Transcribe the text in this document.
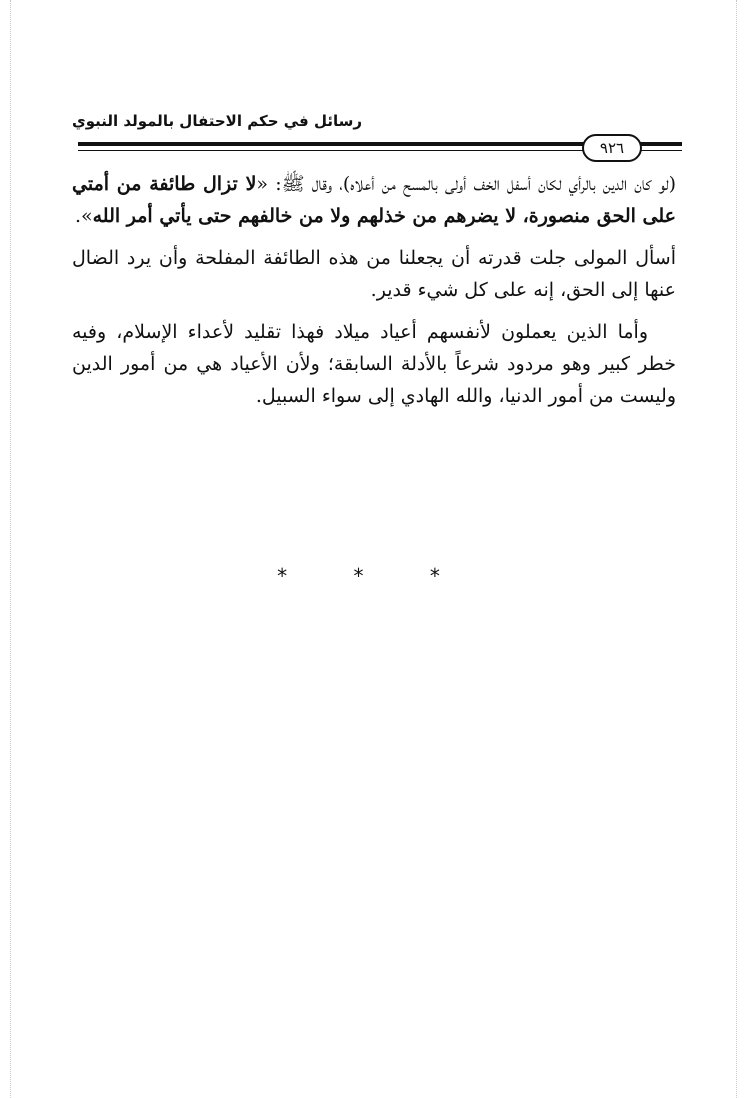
رسائل في حكم الاحتفال بالمولد النبوي
٩٢٦

(لو كان الدين بالرأي لكان أسفل الخف أولى بالمسح من أعلاه)، وقال ﷺ: «لا تزال طائفة من أمتي على الحق منصورة، لا يضرهم من خذلهم ولا من خالفهم حتى يأتي أمر الله».

أسأل المولى جلت قدرته أن يجعلنا من هذه الطائفة المفلحة وأن يرد الضال عنها إلى الحق، إنه على كل شيء قدير.

وأما الذين يعملون لأنفسهم أعياد ميلاد فهذا تقليد لأعداء الإسلام، وفيه خطر كبير وهو مردود شرعاً بالأدلة السابقة؛ ولأن الأعياد هي من أمور الدين وليست من أمور الدنيا، والله الهادي إلى سواء السبيل.

* * *
